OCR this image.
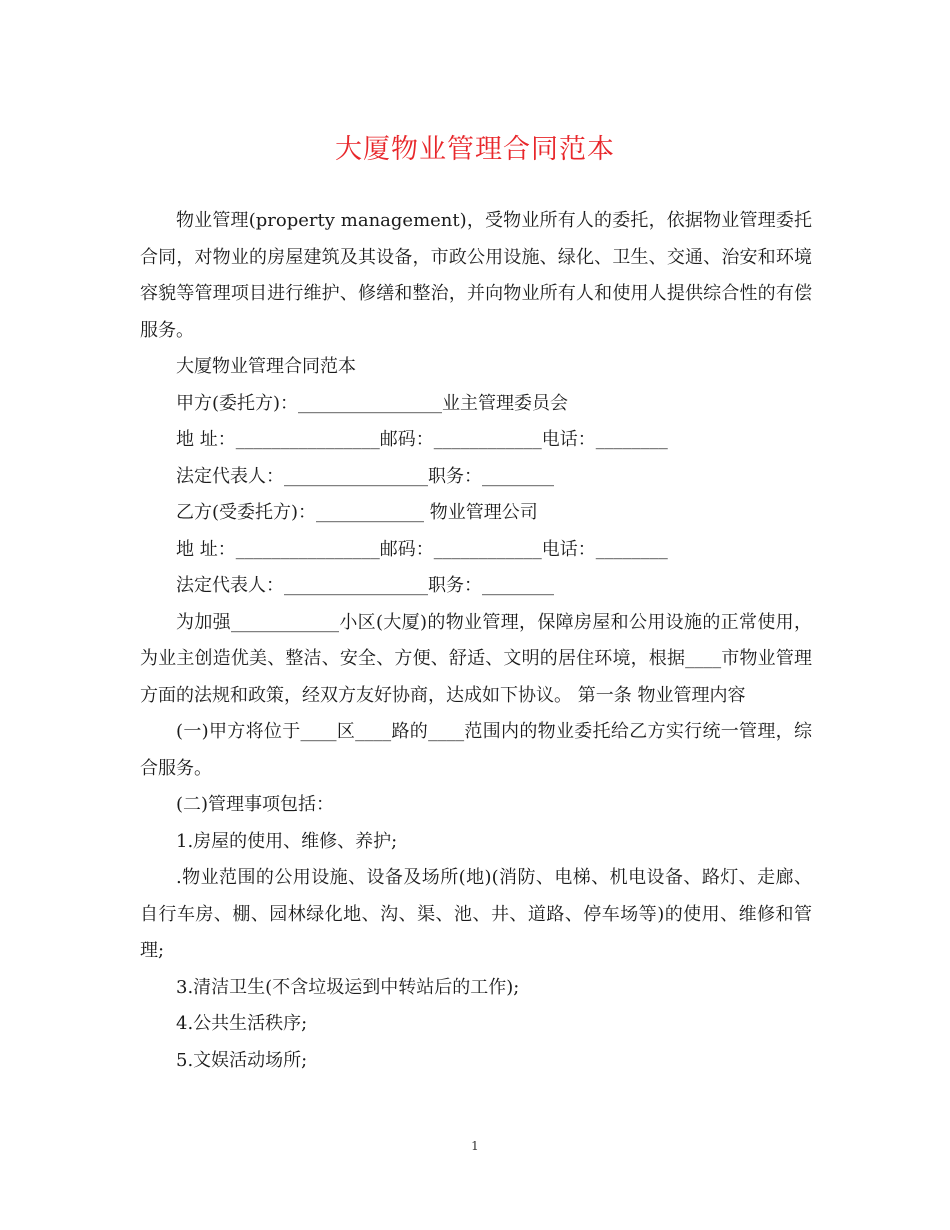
大厦物业管理合同范本

物业管理(property management)，受物业所有人的委托，依据物业管理委托合同，对物业的房屋建筑及其设备，市政公用设施、绿化、卫生、交通、治安和环境容貌等管理项目进行维护、修缮和整治，并向物业所有人和使用人提供综合性的有偿服务。

大厦物业管理合同范本

甲方(委托方)：________________业主管理委员会

地 址：________________邮码：____________电话：________

法定代表人：________________职务：________

乙方(受委托方)：____________ 物业管理公司

地 址：________________邮码：____________电话：________

法定代表人：________________职务：________

为加强____________小区(大厦)的物业管理，保障房屋和公用设施的正常使用，为业主创造优美、整洁、安全、方便、舒适、文明的居住环境，根据____市物业管理方面的法规和政策，经双方友好协商，达成如下协议。 第一条 物业管理内容

(一)甲方将位于____区____路的____范围内的物业委托给乙方实行统一管理，综合服务。

(二)管理事项包括：

1.房屋的使用、维修、养护;

.物业范围的公用设施、设备及场所(地)(消防、电梯、机电设备、路灯、走廊、自行车房、棚、园林绿化地、沟、渠、池、井、道路、停车场等)的使用、维修和管理;

3.清洁卫生(不含垃圾运到中转站后的工作);

4.公共生活秩序;

5.文娱活动场所;

1
